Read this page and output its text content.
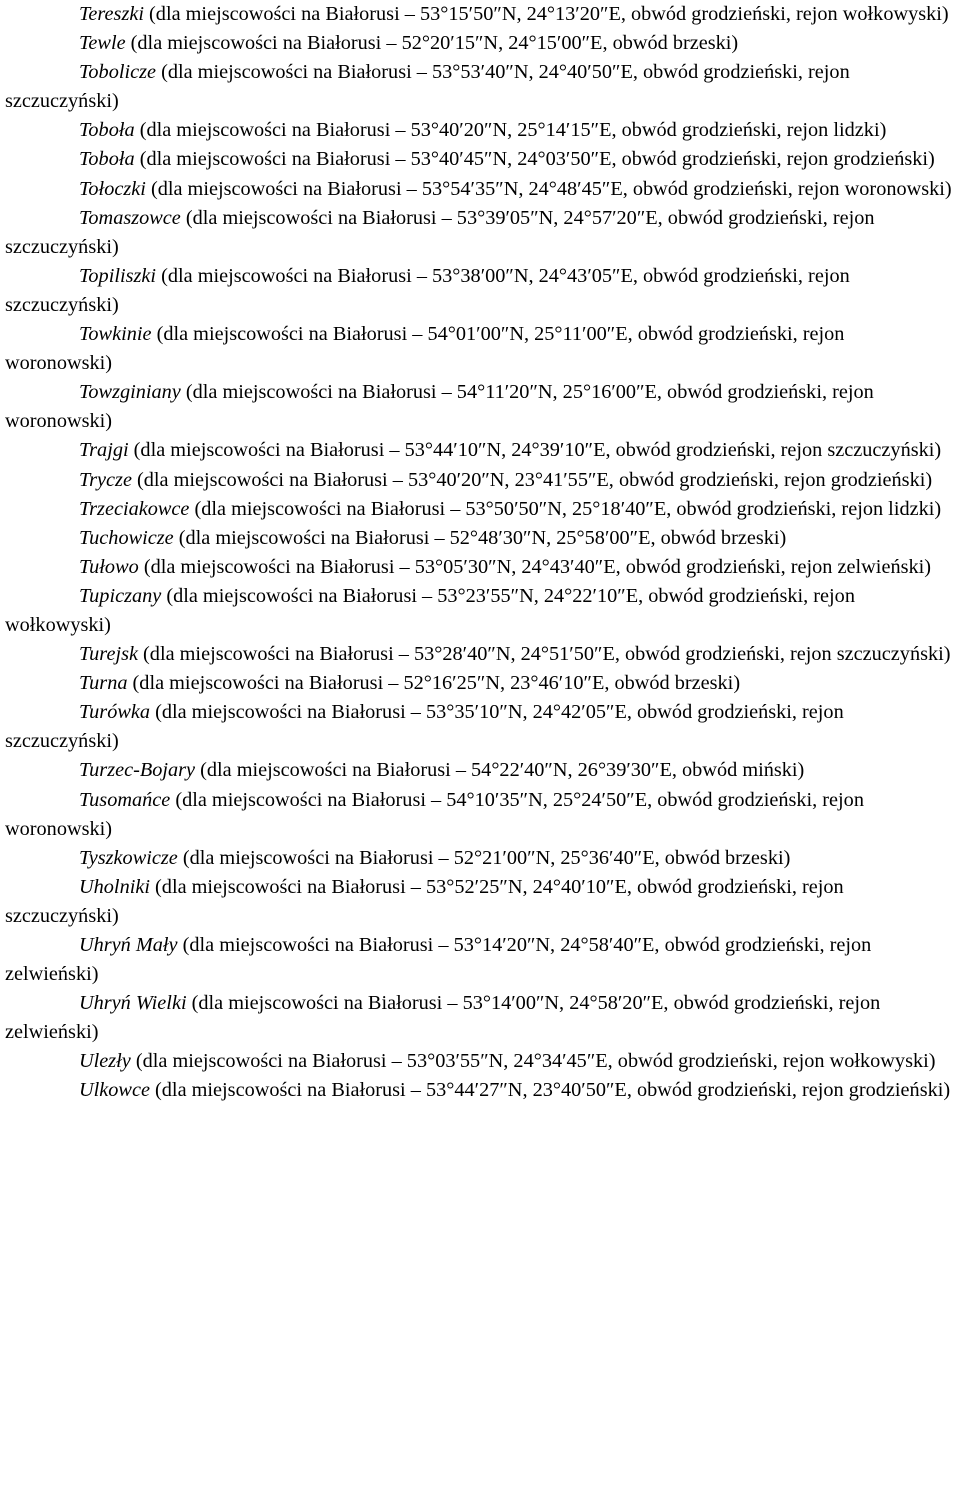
Tereszki (dla miejscowości na Białorusi – 53°15′50″N, 24°13′20″E, obwód grodzieński, rejon wołkowyski)

Tewle (dla miejscowości na Białorusi – 52°20′15″N, 24°15′00″E, obwód brzeski)

Tobolicze (dla miejscowości na Białorusi – 53°53′40″N, 24°40′50″E, obwód grodzieński, rejon szczuczyński)

Toboła (dla miejscowości na Białorusi – 53°40′20″N, 25°14′15″E, obwód grodzieński, rejon lidzki)

Toboła (dla miejscowości na Białorusi – 53°40′45″N, 24°03′50″E, obwód grodzieński, rejon grodzieński)

Tołoczki (dla miejscowości na Białorusi – 53°54′35″N, 24°48′45″E, obwód grodzieński, rejon woronowski)

Tomaszowce (dla miejscowości na Białorusi – 53°39′05″N, 24°57′20″E, obwód grodzieński, rejon szczuczyński)

Topiliszki (dla miejscowości na Białorusi – 53°38′00″N, 24°43′05″E, obwód grodzieński, rejon szczuczyński)

Towkinie (dla miejscowości na Białorusi – 54°01′00″N, 25°11′00″E, obwód grodzieński, rejon woronowski)

Towzginiany (dla miejscowości na Białorusi – 54°11′20″N, 25°16′00″E, obwód grodzieński, rejon woronowski)

Trajgi (dla miejscowości na Białorusi – 53°44′10″N, 24°39′10″E, obwód grodzieński, rejon szczuczyński)

Trycze (dla miejscowości na Białorusi – 53°40′20″N, 23°41′55″E, obwód grodzieński, rejon grodzieński)

Trzeciakowce (dla miejscowości na Białorusi – 53°50′50″N, 25°18′40″E, obwód grodzieński, rejon lidzki)

Tuchowicze (dla miejscowości na Białorusi – 52°48′30″N, 25°58′00″E, obwód brzeski)

Tułowo (dla miejscowości na Białorusi – 53°05′30″N, 24°43′40″E, obwód grodzieński, rejon zelwieński)

Tupiczany (dla miejscowości na Białorusi – 53°23′55″N, 24°22′10″E, obwód grodzieński, rejon wołkowyski)

Turejsk (dla miejscowości na Białorusi – 53°28′40″N, 24°51′50″E, obwód grodzieński, rejon szczuczyński)

Turna (dla miejscowości na Białorusi – 52°16′25″N, 23°46′10″E, obwód brzeski)

Turówka (dla miejscowości na Białorusi – 53°35′10″N, 24°42′05″E, obwód grodzieński, rejon szczuczyński)

Turzec-Bojary (dla miejscowości na Białorusi – 54°22′40″N, 26°39′30″E, obwód miński)

Tusomańce (dla miejscowości na Białorusi – 54°10′35″N, 25°24′50″E, obwód grodzieński, rejon woronowski)

Tyszkowicze (dla miejscowości na Białorusi – 52°21′00″N, 25°36′40″E, obwód brzeski)

Uholniki (dla miejscowości na Białorusi – 53°52′25″N, 24°40′10″E, obwód grodzieński, rejon szczuczyński)

Uhryń Mały (dla miejscowości na Białorusi – 53°14′20″N, 24°58′40″E, obwód grodzieński, rejon zelwieński)

Uhryń Wielki (dla miejscowości na Białorusi – 53°14′00″N, 24°58′20″E, obwód grodzieński, rejon zelwieński)

Ulezły (dla miejscowości na Białorusi – 53°03′55″N, 24°34′45″E, obwód grodzieński, rejon wołkowyski)

Ulkowce (dla miejscowości na Białorusi – 53°44′27″N, 23°40′50″E, obwód grodzieński, rejon grodzieński)
